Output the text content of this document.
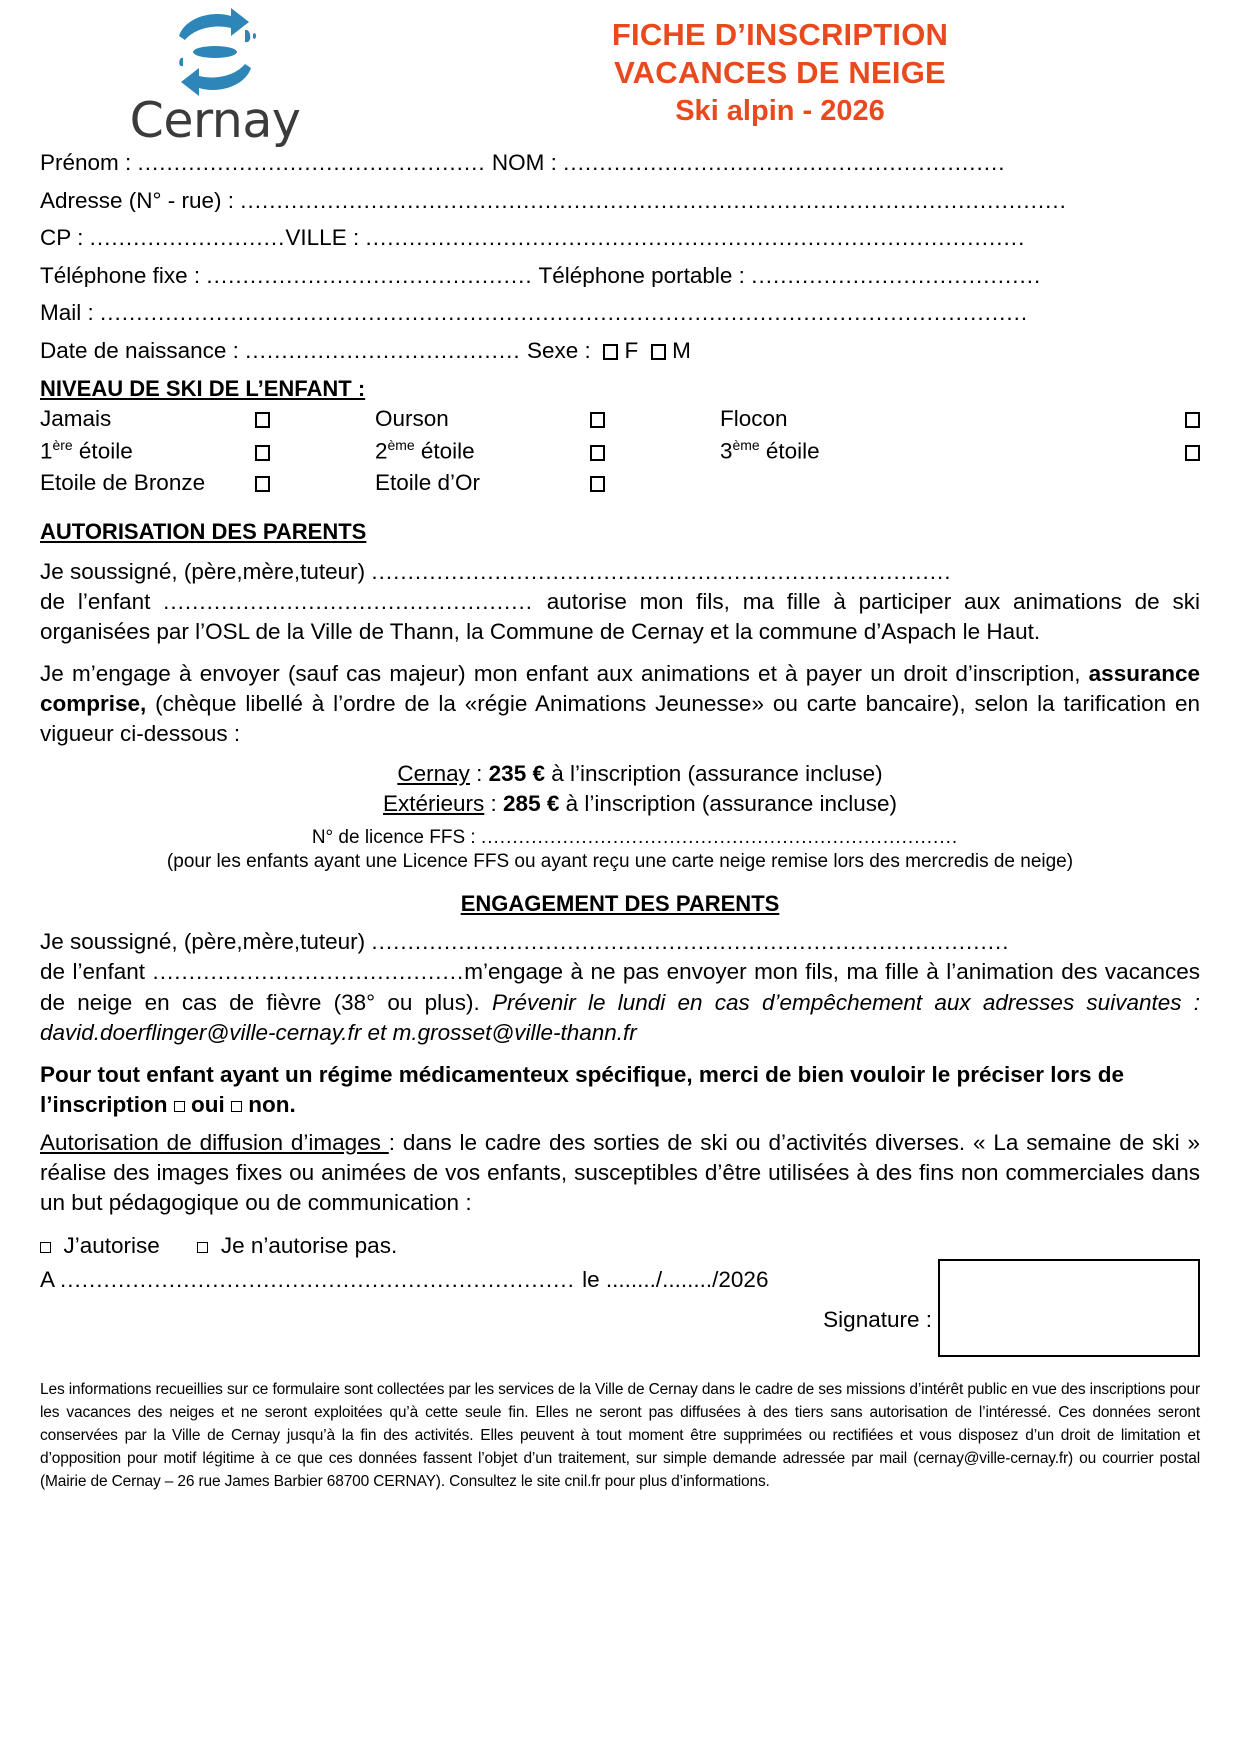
Cernay
FICHE D’INSCRIPTION
VACANCES DE NEIGE
Ski alpin - 2026
Prénom : ................................................ NOM : .............................................................
Adresse (N° - rue) : ..................................................................................................................
CP : ...........................VILLE : ...........................................................................................
Téléphone fixe : ............................................. Téléphone portable : ........................................
Mail : ................................................................................................................................
Date de naissance : ...................................... Sexe :   F M
NIVEAU DE SKI DE L’ENFANT :
Jamais		Ourson		Flocon	
1ère étoile		2ème étoile		3ème étoile	
Etoile de Bronze		Etoile d’Or			
AUTORISATION DES PARENTS

Je soussigné, (père,mère,tuteur) ................................................................................

de l’enfant ................................................... autorise mon fils, ma fille à participer aux animations de ski organisées par l’OSL de la Ville de Thann, la Commune de Cernay et la commune d’Aspach le Haut.

Je m’engage à envoyer (sauf cas majeur) mon enfant aux animations et à payer un droit d’inscription, assurance comprise, (chèque libellé à l’ordre de la «régie Animations Jeunesse» ou carte bancaire), selon la tarification en vigueur ci-dessous :

Cernay : 235 € à l’inscription (assurance incluse)
Extérieurs : 285 € à l’inscription (assurance incluse)
N° de licence FFS : ............................................................................
(pour les enfants ayant une Licence FFS ou ayant reçu une carte neige remise lors des mercredis de neige)
ENGAGEMENT DES PARENTS

Je soussigné, (père,mère,tuteur) ........................................................................................

de l’enfant ...........................................m’engage à ne pas envoyer mon fils, ma fille à l’animation des vacances de neige en cas de fièvre (38° ou plus). Prévenir le lundi en cas d’empêchement aux adresses suivantes : david.doerflinger@ville-cernay.fr et m.grosset@ville-thann.fr

Pour tout enfant ayant un régime médicamenteux spécifique, merci de bien vouloir le préciser lors de l’inscription  oui  non.

Autorisation de diffusion d’images : dans le cadre des sorties de ski ou d’activités diverses. « La semaine de ski » réalise des images fixes ou animées de vos enfants, susceptibles d’être utilisées à des fins non commerciales dans un but pédagogique ou de communication :

J’autorise	Je n’autorise pas.

A ....................................................................... le ......../......../2026
Signature :
Les informations recueillies sur ce formulaire sont collectées par les services de la Ville de Cernay dans le cadre de ses missions d’intérêt public en vue des inscriptions pour les vacances des neiges et ne seront exploitées qu’à cette seule fin. Elles ne seront pas diffusées à des tiers sans autorisation de l’intéressé. Ces données seront conservées par la Ville de Cernay jusqu’à la fin des activités. Elles peuvent à tout moment être supprimées ou rectifiées et vous disposez d’un droit de limitation et d’opposition pour motif légitime à ce que ces données fassent l’objet d’un traitement, sur simple demande adressée par mail (cernay@ville-cernay.fr) ou courrier postal (Mairie de Cernay – 26 rue James Barbier 68700 CERNAY). Consultez le site cnil.fr pour plus d’informations.
